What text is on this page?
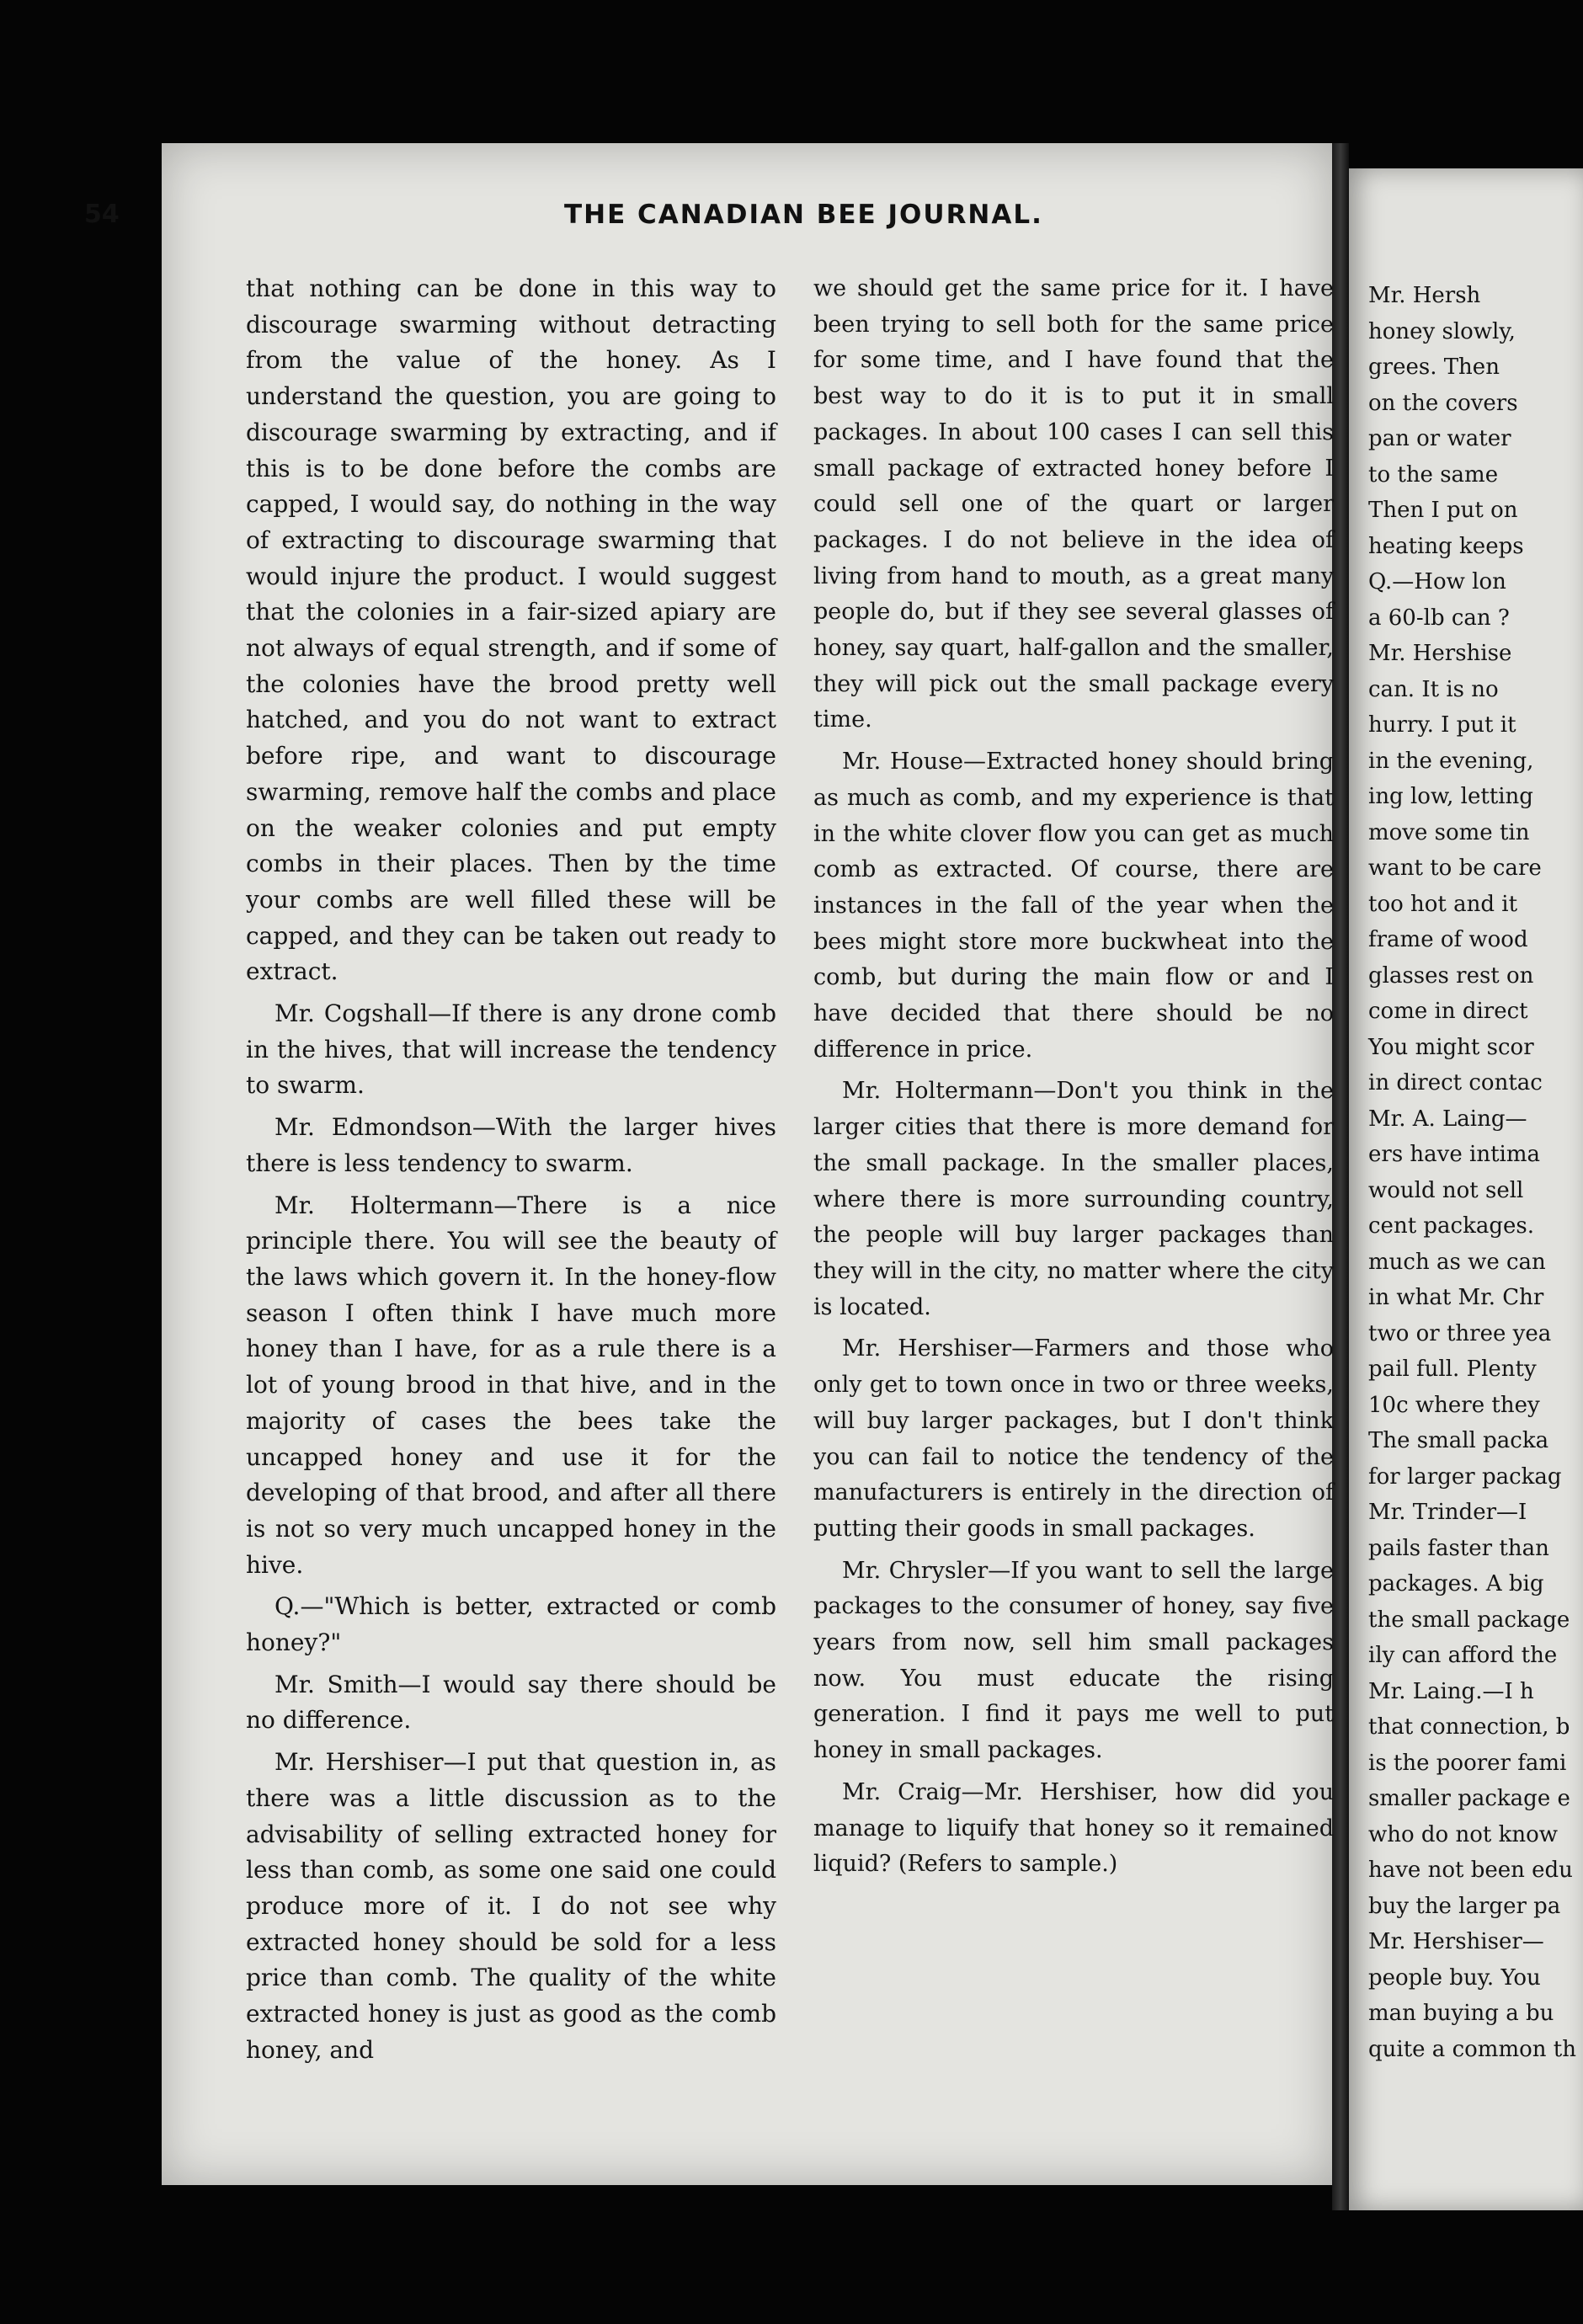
54	THE CANADIAN BEE JOURNAL.

that nothing can be done in this way to discourage swarming without detracting from the value of the honey. As I understand the question, you are going to discourage swarming by extracting, and if this is to be done before the combs are capped, I would say, do nothing in the way of extracting to discourage swarming that would injure the product. I would suggest that the colonies in a fair-sized apiary are not always of equal strength, and if some of the colonies have the brood pretty well hatched, and you do not want to extract before ripe, and want to discourage swarming, remove half the combs and place on the weaker colonies and put empty combs in their places. Then by the time your combs are well filled these will be capped, and they can be taken out ready to extract.

Mr. Cogshall—If there is any drone comb in the hives, that will increase the tendency to swarm.

Mr. Edmondson—With the larger hives there is less tendency to swarm.

Mr. Holtermann—There is a nice principle there. You will see the beauty of the laws which govern it. In the honey-flow season I often think I have much more honey than I have, for as a rule there is a lot of young brood in that hive, and in the majority of cases the bees take the uncapped honey and use it for the developing of that brood, and after all there is not so very much uncapped honey in the hive.

Q.—"Which is better, extracted or comb honey?"

Mr. Smith—I would say there should be no difference.

Mr. Hershiser—I put that question in, as there was a little discussion as to the advisability of selling extracted honey for less than comb, as some one said one could produce more of it. I do not see why extracted honey should be sold for a less price than comb. The quality of the white extracted honey is just as good as the comb honey, and

we should get the same price for it. I have been trying to sell both for the same price for some time, and I have found that the best way to do it is to put it in small packages. In about 100 cases I can sell this small package of extracted honey before I could sell one of the quart or larger packages. I do not believe in the idea of living from hand to mouth, as a great many people do, but if they see several glasses of honey, say quart, half-gallon and the smaller, they will pick out the small package every time.

Mr. House—Extracted honey should bring as much as comb, and my experience is that in the white clover flow you can get as much comb as extracted. Of course, there are instances in the fall of the year when the bees might store more buckwheat into the comb, but during the main flow or and I have decided that there should be no difference in price.

Mr. Holtermann—Don't you think in the larger cities that there is more demand for the small package. In the smaller places, where there is more surrounding country, the people will buy larger packages than they will in the city, no matter where the city is located.

Mr. Hershiser—Farmers and those who only get to town once in two or three weeks, will buy larger packages, but I don't think you can fail to notice the tendency of the manufacturers is entirely in the direction of putting their goods in small packages.

Mr. Chrysler—If you want to sell the large packages to the consumer of honey, say five years from now, sell him small packages now. You must educate the rising generation. I find it pays me well to put honey in small packages.

Mr. Craig—Mr. Hershiser, how did you manage to liquify that honey so it remained liquid? (Refers to sample.)

Mr. Hersh
honey slowly,
grees. Then
on the covers
pan or water
to the same
Then I put on
heating keeps
Q.—How lon
a 60-lb can ?
Mr. Hershise
can. It is no
hurry. I put it
in the evening,
ing low, letting
move some tin
want to be care
too hot and it
frame of wood
glasses rest on
come in direct
You might scor
in direct contac
Mr. A. Laing—
ers have intima
would not sell
cent packages.
much as we can
in what Mr. Chr
two or three yea
pail full. Plenty
10c where they
The small packa
for larger packag
Mr. Trinder—I
pails faster than
packages. A big
the small package
ily can afford the
Mr. Laing.—I h
that connection, b
is the poorer fami
smaller package e
who do not know
have not been edu
buy the larger pa
Mr. Hershiser—
people buy. You
man buying a bu
quite a common th
